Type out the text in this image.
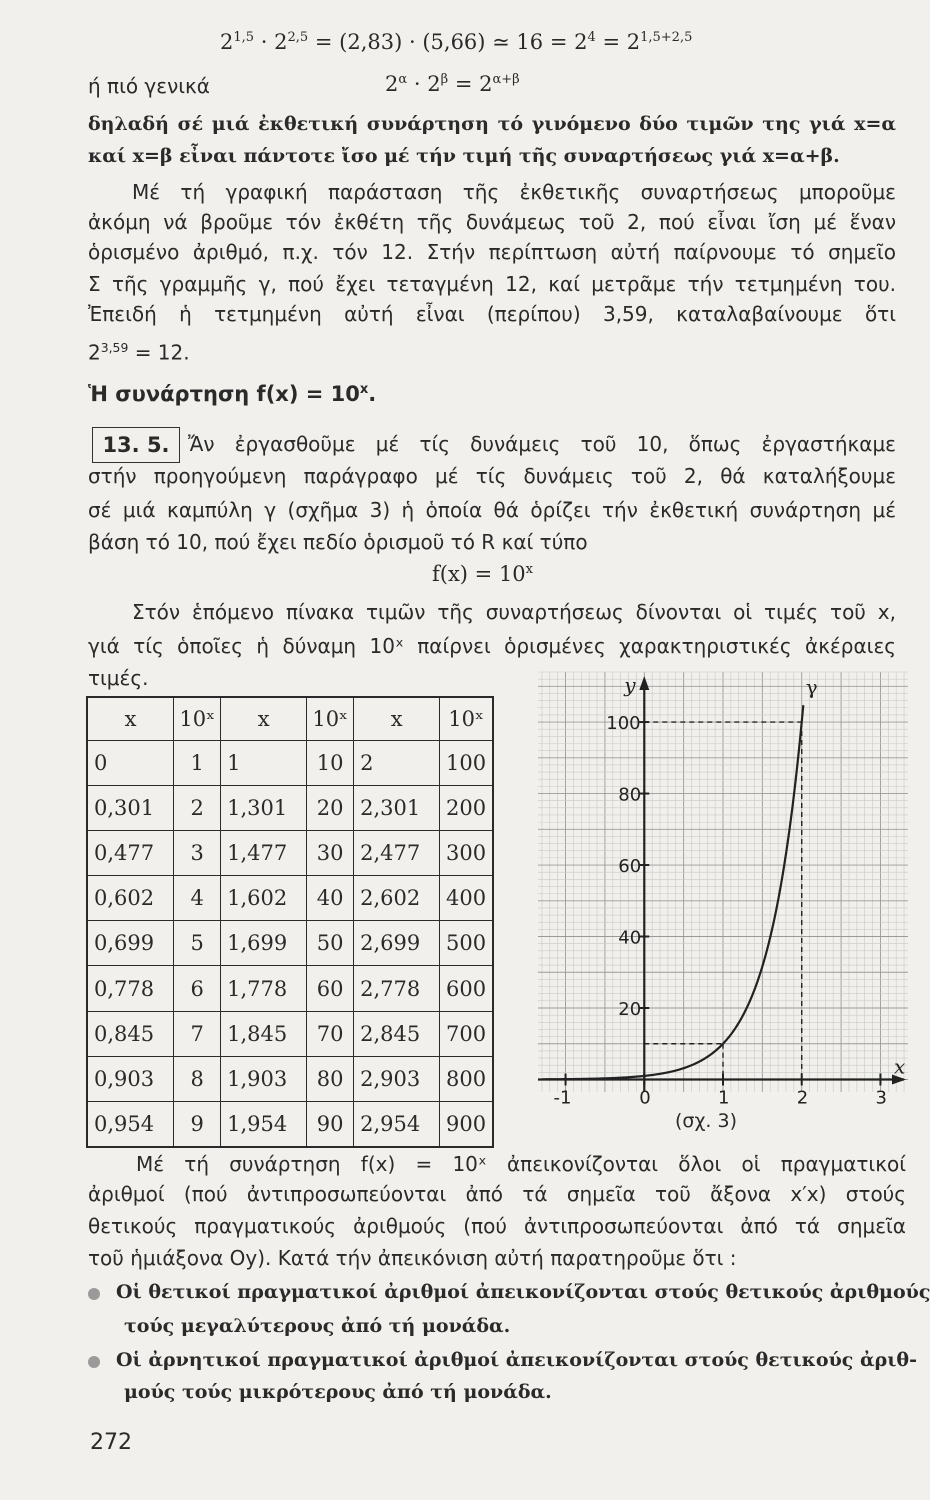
$2^{1,5} \cdot 2^{2,5} = (2,83) \cdot (5,66)$ ≃ $16 = 2^4 = 2^{1,5+2,5}$
ή πιό γενικά	$2^\alpha \cdot 2^\beta = 2^{\alpha+\beta}$
δηλαδή σέ μιά ἐκθετική συνάρτηση τό γινόμενο δύο τιμῶν της γιά x=α
καί x=β εἶναι πάντοτε ἴσο μέ τήν τιμή τῆς συναρτήσεως γιά x=α+β.
Μέ τή γραφική παράσταση τῆς ἐκθετικῆς συναρτήσεως μποροῦμε
ἀκόμη νά βροῦμε τόν ἐκθέτη τῆς δυνάμεως τοῦ 2, πού εἶναι ἴση μέ ἕναν
ὁρισμένο ἀριθμό, π.χ. τόν 12. Στήν περίπτωση αὐτή παίρνουμε τό σημεῖο
Σ τῆς γραμμῆς γ, πού ἔχει τεταγμένη 12, καί μετρᾶμε τήν τετμημένη του.
Ἐπειδή ἡ τετμημένη αὐτή εἶναι (περίπου) 3,59, καταλαβαίνουμε ὅτι
$2^{3,59} = 12$.
Ἡ συνάρτηση $f(x) = 10^x$.
13. 5. Ἄν ἐργασθοῦμε μέ τίς δυνάμεις τοῦ 10, ὅπως ἐργαστήκαμε
στήν προηγούμενη παράγραφο μέ τίς δυνάμεις τοῦ 2, θά καταλήξουμε
σέ μιά καμπύλη γ (σχῆμα 3) ἡ ὁποία θά ὁρίζει τήν ἐκθετική συνάρτηση μέ
βάση τό 10, πού ἔχει πεδίο ὁρισμοῦ τό R καί τύπο
$f(x) = 10^x$
Στόν ἑπόμενο πίνακα τιμῶν τῆς συναρτήσεως δίνονται οἱ τιμές τοῦ x,
γιά τίς ὁποῖες ἡ δύναμη 10ˣ παίρνει ὁρισμένες χαρακτηριστικές ἀκέραιες
τιμές.
x	10ˣ	x	10ˣ	x	10ˣ
0	1	1	10	2	100
0,301	2	1,301	20	2,301	200
0,477	3	1,477	30	2,477	300
0,602	4	1,602	40	2,602	400
0,699	5	1,699	50	2,699	500
0,778	6	1,778	60	2,778	600
0,845	7	1,845	70	2,845	700
0,903	8	1,903	80	2,903	800
0,954	9	1,954	90	2,954	900
x
y
-1	0	1	2	3
20
40
60
80
100
γ
(σχ. 3)
Μέ τή συνάρτηση f(x) = 10ˣ ἀπεικονίζονται ὅλοι οἱ πραγματικοί
ἀριθμοί (πού ἀντιπροσωπεύονται ἀπό τά σημεῖα τοῦ ἄξονα x′x) στούς
θετικούς πραγματικούς ἀριθμούς (πού ἀντιπροσωπεύονται ἀπό τά σημεῖα
τοῦ ἡμιάξονα Oy). Κατά τήν ἀπεικόνιση αὐτή παρατηροῦμε ὅτι :
Οἱ θετικοί πραγματικοί ἀριθμοί ἀπεικονίζονται στούς θετικούς ἀριθμούς
τούς μεγαλύτερους ἀπό τή μονάδα.
Οἱ ἀρνητικοί πραγματικοί ἀριθμοί ἀπεικονίζονται στούς θετικούς ἀριθ-
μούς τούς μικρότερους ἀπό τή μονάδα.
272
